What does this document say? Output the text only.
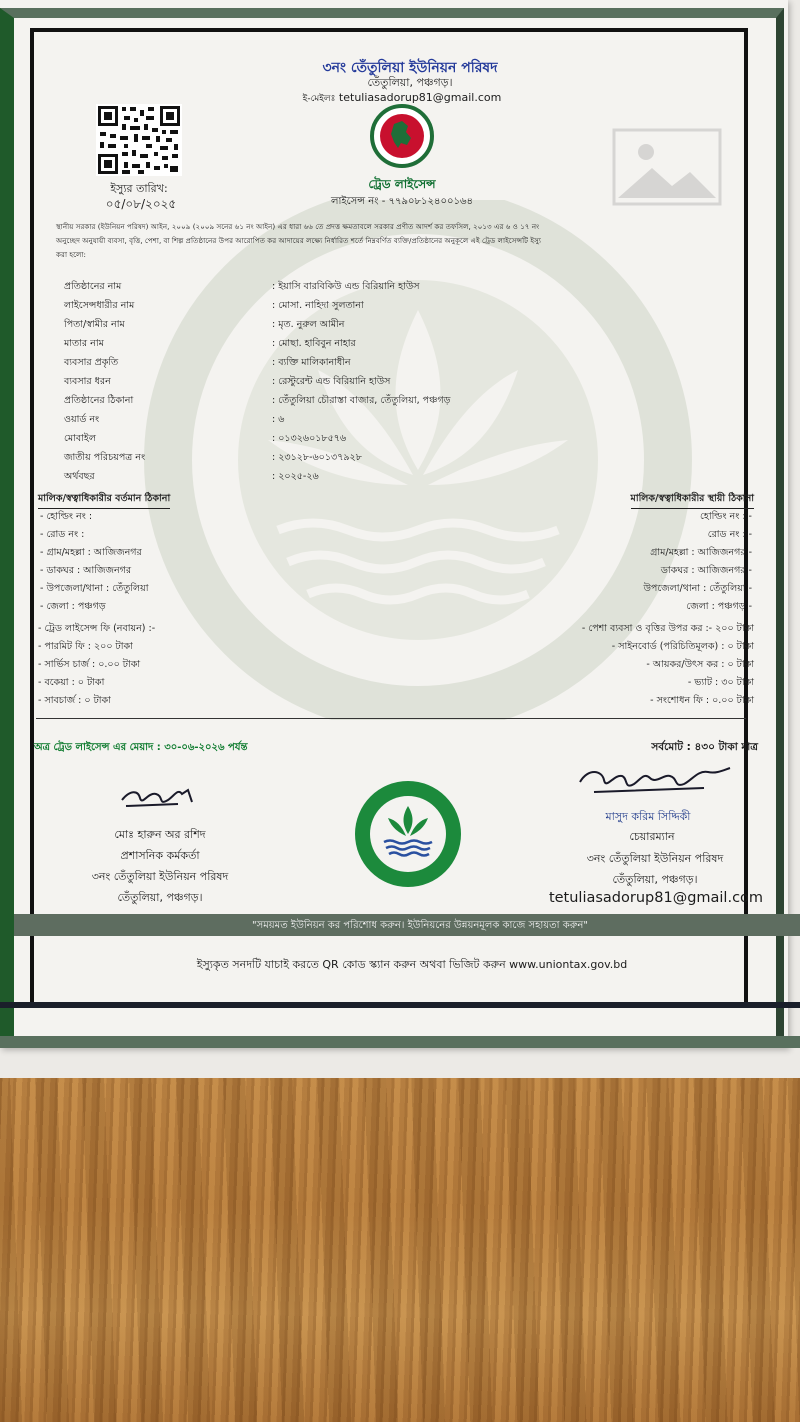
৩নং তেঁতুলিয়া ইউনিয়ন পরিষদ
তেঁতুলিয়া, পঞ্চগড়।
ই-মেইলঃ tetuliasadorup81@gmail.com
ইস্যুর তারিখ:
০৫/০৮/২০২৫
ট্রেড লাইসেন্স
লাইসেন্স নং - ৭৭৯০৮১২৪০০১৬৪
স্থানীয় সরকার (ইউনিয়ন পরিষদ) আইন, ২০০৯ (২০০৯ সনের ৬১ নং আইন) এর ধারা ৬৬ তে প্রদত্ত ক্ষমতাবলে সরকার প্রণীত আদর্শ কর তফসিল, ২০১৩ এর ৬ ও ১৭ নং
অনুচ্ছেদ অনুযায়ী ব্যবসা, বৃত্তি, পেশা, বা শিল্প প্রতিষ্ঠানের উপর আরোপিত কর আদায়ের লক্ষ্যে নির্ধারিত শর্তে নিম্নবর্ণিত ব্যক্তি/প্রতিষ্ঠানের অনুকূলে এই ট্রেড লাইসেন্সটি ইস্যু
করা হলো:
প্রতিষ্ঠানের নাম	: ইয়াসি বারবিকিউ এন্ড বিরিয়ানি হাউস
লাইসেন্সধারীর নাম	: মোসা. নাহিদা সুলতানা
পিতা/স্বামীর নাম	: মৃত. নুরুল আমীন
মাতার নাম	: মোছা. হাবিবুন নাহার
ব্যবসার প্রকৃতি	: ব্যক্তি মালিকানাধীন
ব্যবসার ধরন	: রেস্টুরেন্ট এন্ড বিরিয়ানি হাউস
প্রতিষ্ঠানের ঠিকানা	: তেঁতুলিয়া চৌরাস্তা বাজার, তেঁতুলিয়া, পঞ্চগড়
ওয়ার্ড নং	: ৬
মোবাইল	: ০১৩২৬০১৮৫৭৬
জাতীয় পরিচয়পত্র নং	: ২৩১২৮-৬০১৩৭৯২৮
অর্থবছর	: ২০২৫-২৬
মালিক/স্বত্বাধিকারীর বর্তমান ঠিকানা
- হোল্ডিং নং :
- রোড নং :
- গ্রাম/মহল্লা : আজিজনগর
- ডাকঘর : আজিজনগর
- উপজেলা/থানা : তেঁতুলিয়া
- জেলা : পঞ্চগড়
মালিক/স্বত্বাধিকারীর স্থায়ী ঠিকানা
হোল্ডিং নং : -
রোড নং : -
গ্রাম/মহল্লা : আজিজনগর -
ডাকঘর : আজিজনগর -
উপজেলা/থানা : তেঁতুলিয়া -
জেলা : পঞ্চগড় -
- ট্রেড লাইসেন্স ফি (নবায়ন) :-
- পারমিট ফি : ২০০ টাকা
- সার্ভিস চার্জ : ০.০০ টাকা
- বকেয়া : ০ টাকা
- সাবচার্জ : ০ টাকা
- পেশা ব্যবসা ও বৃত্তির উপর কর :- ২০০ টাকা
- সাইনবোর্ড (পরিচিতিমূলক) : ০ টাকা
- আয়কর/উৎস কর : ০ টাকা
- ভ্যাট : ৩০ টাকা
- সংশোধন ফি : ০.০০ টাকা
অত্র ট্রেড লাইসেন্স এর মেয়াদ : ৩০-০৬-২০২৬ পর্যন্ত	সর্বমোট : ৪৩০ টাকা মাত্র
মোঃ হারুন অর রশিদ
প্রশাসনিক কর্মকর্তা
৩নং তেঁতুলিয়া ইউনিয়ন পরিষদ
তেঁতুলিয়া, পঞ্চগড়।
মাসুদ করিম সিদ্দিকী
চেয়ারম্যান
৩নং তেঁতুলিয়া ইউনিয়ন পরিষদ
তেঁতুলিয়া, পঞ্চগড়।
tetuliasadorup81@gmail.com
"সময়মত ইউনিয়ন কর পরিশোধ করুন। ইউনিয়নের উন্নয়নমূলক কাজে সহায়তা করুন"
ইস্যুকৃত সনদটি যাচাই করতে QR কোড স্ক্যান করুন অথবা ভিজিট করুন www.uniontax.gov.bd
